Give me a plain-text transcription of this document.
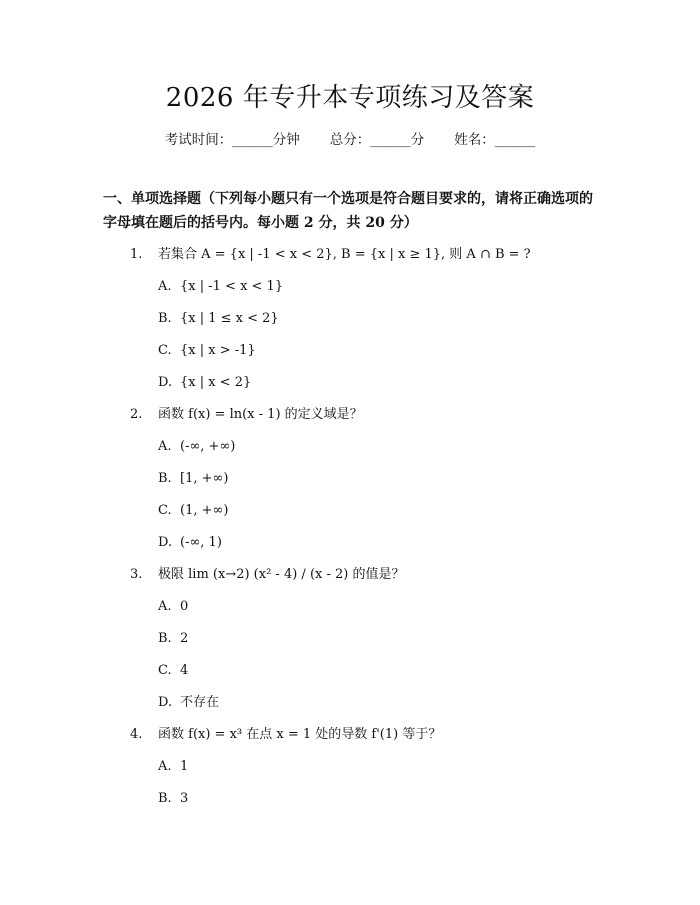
2026 年专升本专项练习及答案
考试时间：______分钟 总分：______分 姓名：______
一、单项选择题（下列每小题只有一个选项是符合题目要求的，请将正确选项的字母填在题后的括号内。每小题 2 分，共 20 分）
1. 若集合 A = {x | -1 < x < 2}, B = {x | x ≥ 1}, 则 A ∩ B = ?
A. {x | -1 < x < 1}
B. {x | 1 ≤ x < 2}
C. {x | x > -1}
D. {x | x < 2}
2. 函数 f(x) = ln(x - 1) 的定义域是？
A. (-∞, +∞)
B. [1, +∞)
C. (1, +∞)
D. (-∞, 1)
3. 极限 lim (x→2) (x² - 4) / (x - 2) 的值是？
A. 0
B. 2
C. 4
D. 不存在
4. 函数 f(x) = x³ 在点 x = 1 处的导数 f'(1) 等于？
A. 1
B. 3
